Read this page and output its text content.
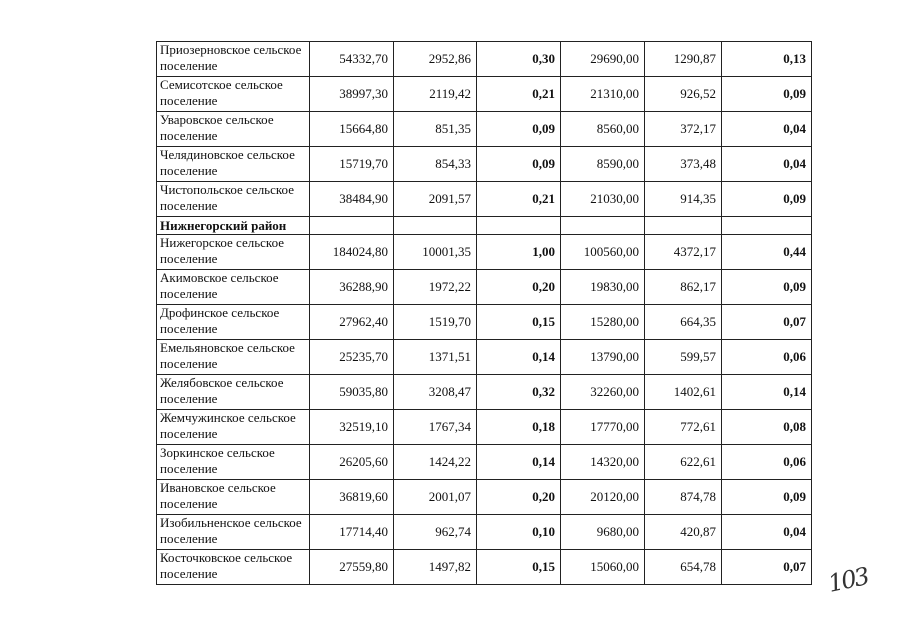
Приозерновское сельское поселение	54332,70	2952,86	0,30	29690,00	1290,87	0,13
Семисотское сельское поселение	38997,30	2119,42	0,21	21310,00	926,52	0,09
Уваровское сельское поселение	15664,80	851,35	0,09	8560,00	372,17	0,04
Челядиновское сельское поселение	15719,70	854,33	0,09	8590,00	373,48	0,04
Чистопольское сельское поселение	38484,90	2091,57	0,21	21030,00	914,35	0,09
Нижнегорский район						
Нижегорское сельское поселение	184024,80	10001,35	1,00	100560,00	4372,17	0,44
Акимовское сельское поселение	36288,90	1972,22	0,20	19830,00	862,17	0,09
Дрофинское сельское поселение	27962,40	1519,70	0,15	15280,00	664,35	0,07
Емельяновское сельское поселение	25235,70	1371,51	0,14	13790,00	599,57	0,06
Желябовское сельское поселение	59035,80	3208,47	0,32	32260,00	1402,61	0,14
Жемчужинское сельское поселение	32519,10	1767,34	0,18	17770,00	772,61	0,08
Зоркинское сельское поселение	26205,60	1424,22	0,14	14320,00	622,61	0,06
Ивановское сельское поселение	36819,60	2001,07	0,20	20120,00	874,78	0,09
Изобильненское сельское поселение	17714,40	962,74	0,10	9680,00	420,87	0,04
Косточковское сельское поселение	27559,80	1497,82	0,15	15060,00	654,78	0,07 103
